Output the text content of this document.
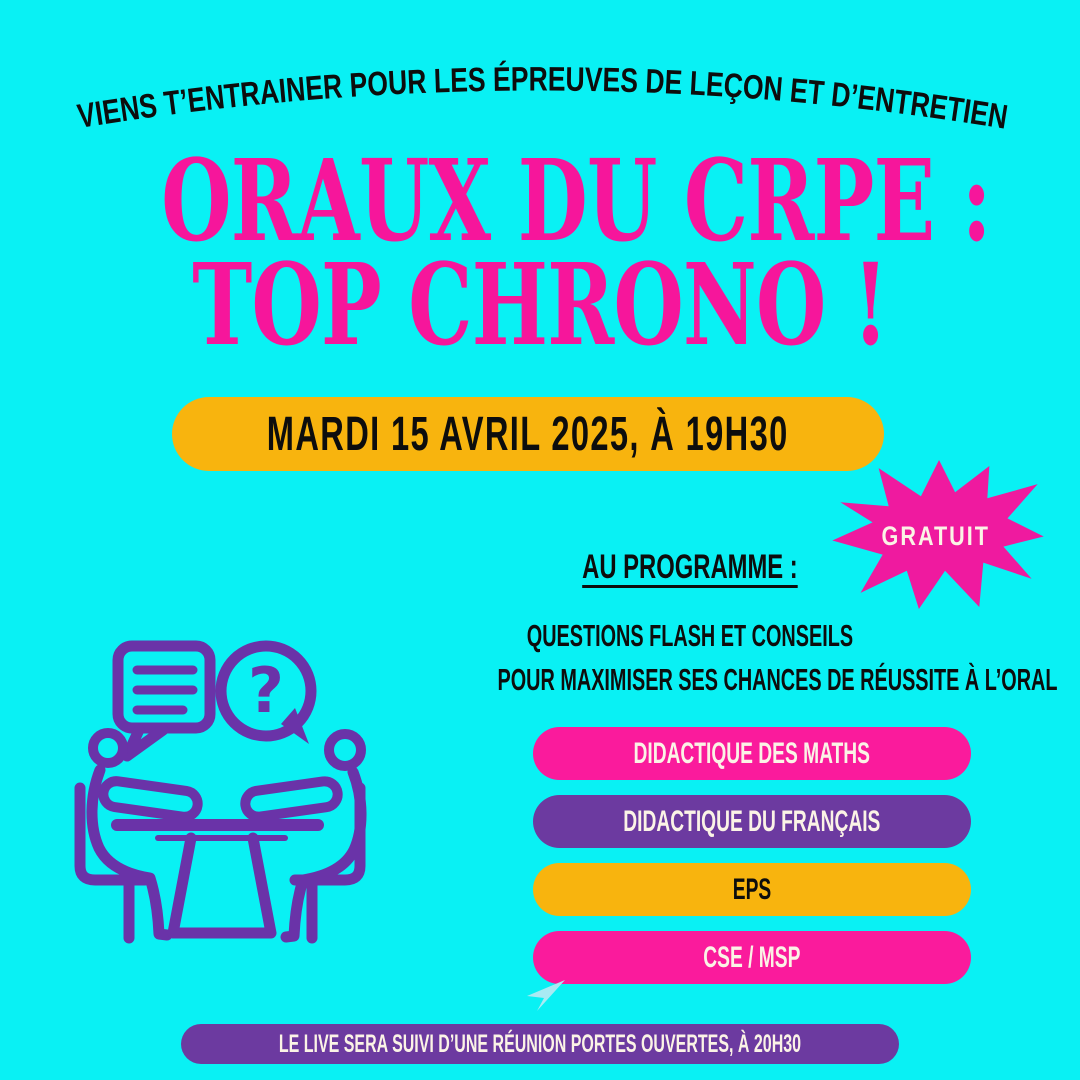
VIENS T’ENTRAINER POUR LES ÉPREUVES DE LEÇON ET D’ENTRETIEN
ORAUX DU CRPE :
TOP CHRONO !
MARDI 15 AVRIL 2025, À 19H30
GRATUIT
AU PROGRAMME :
QUESTIONS FLASH ET CONSEILS
POUR MAXIMISER SES CHANCES DE RÉUSSITE À L’ORAL
DIDACTIQUE DES MATHS
DIDACTIQUE DU FRANÇAIS
EPS
CSE / MSP
LE LIVE SERA SUIVI D’UNE RÉUNION PORTES OUVERTES, À 20H30
?
